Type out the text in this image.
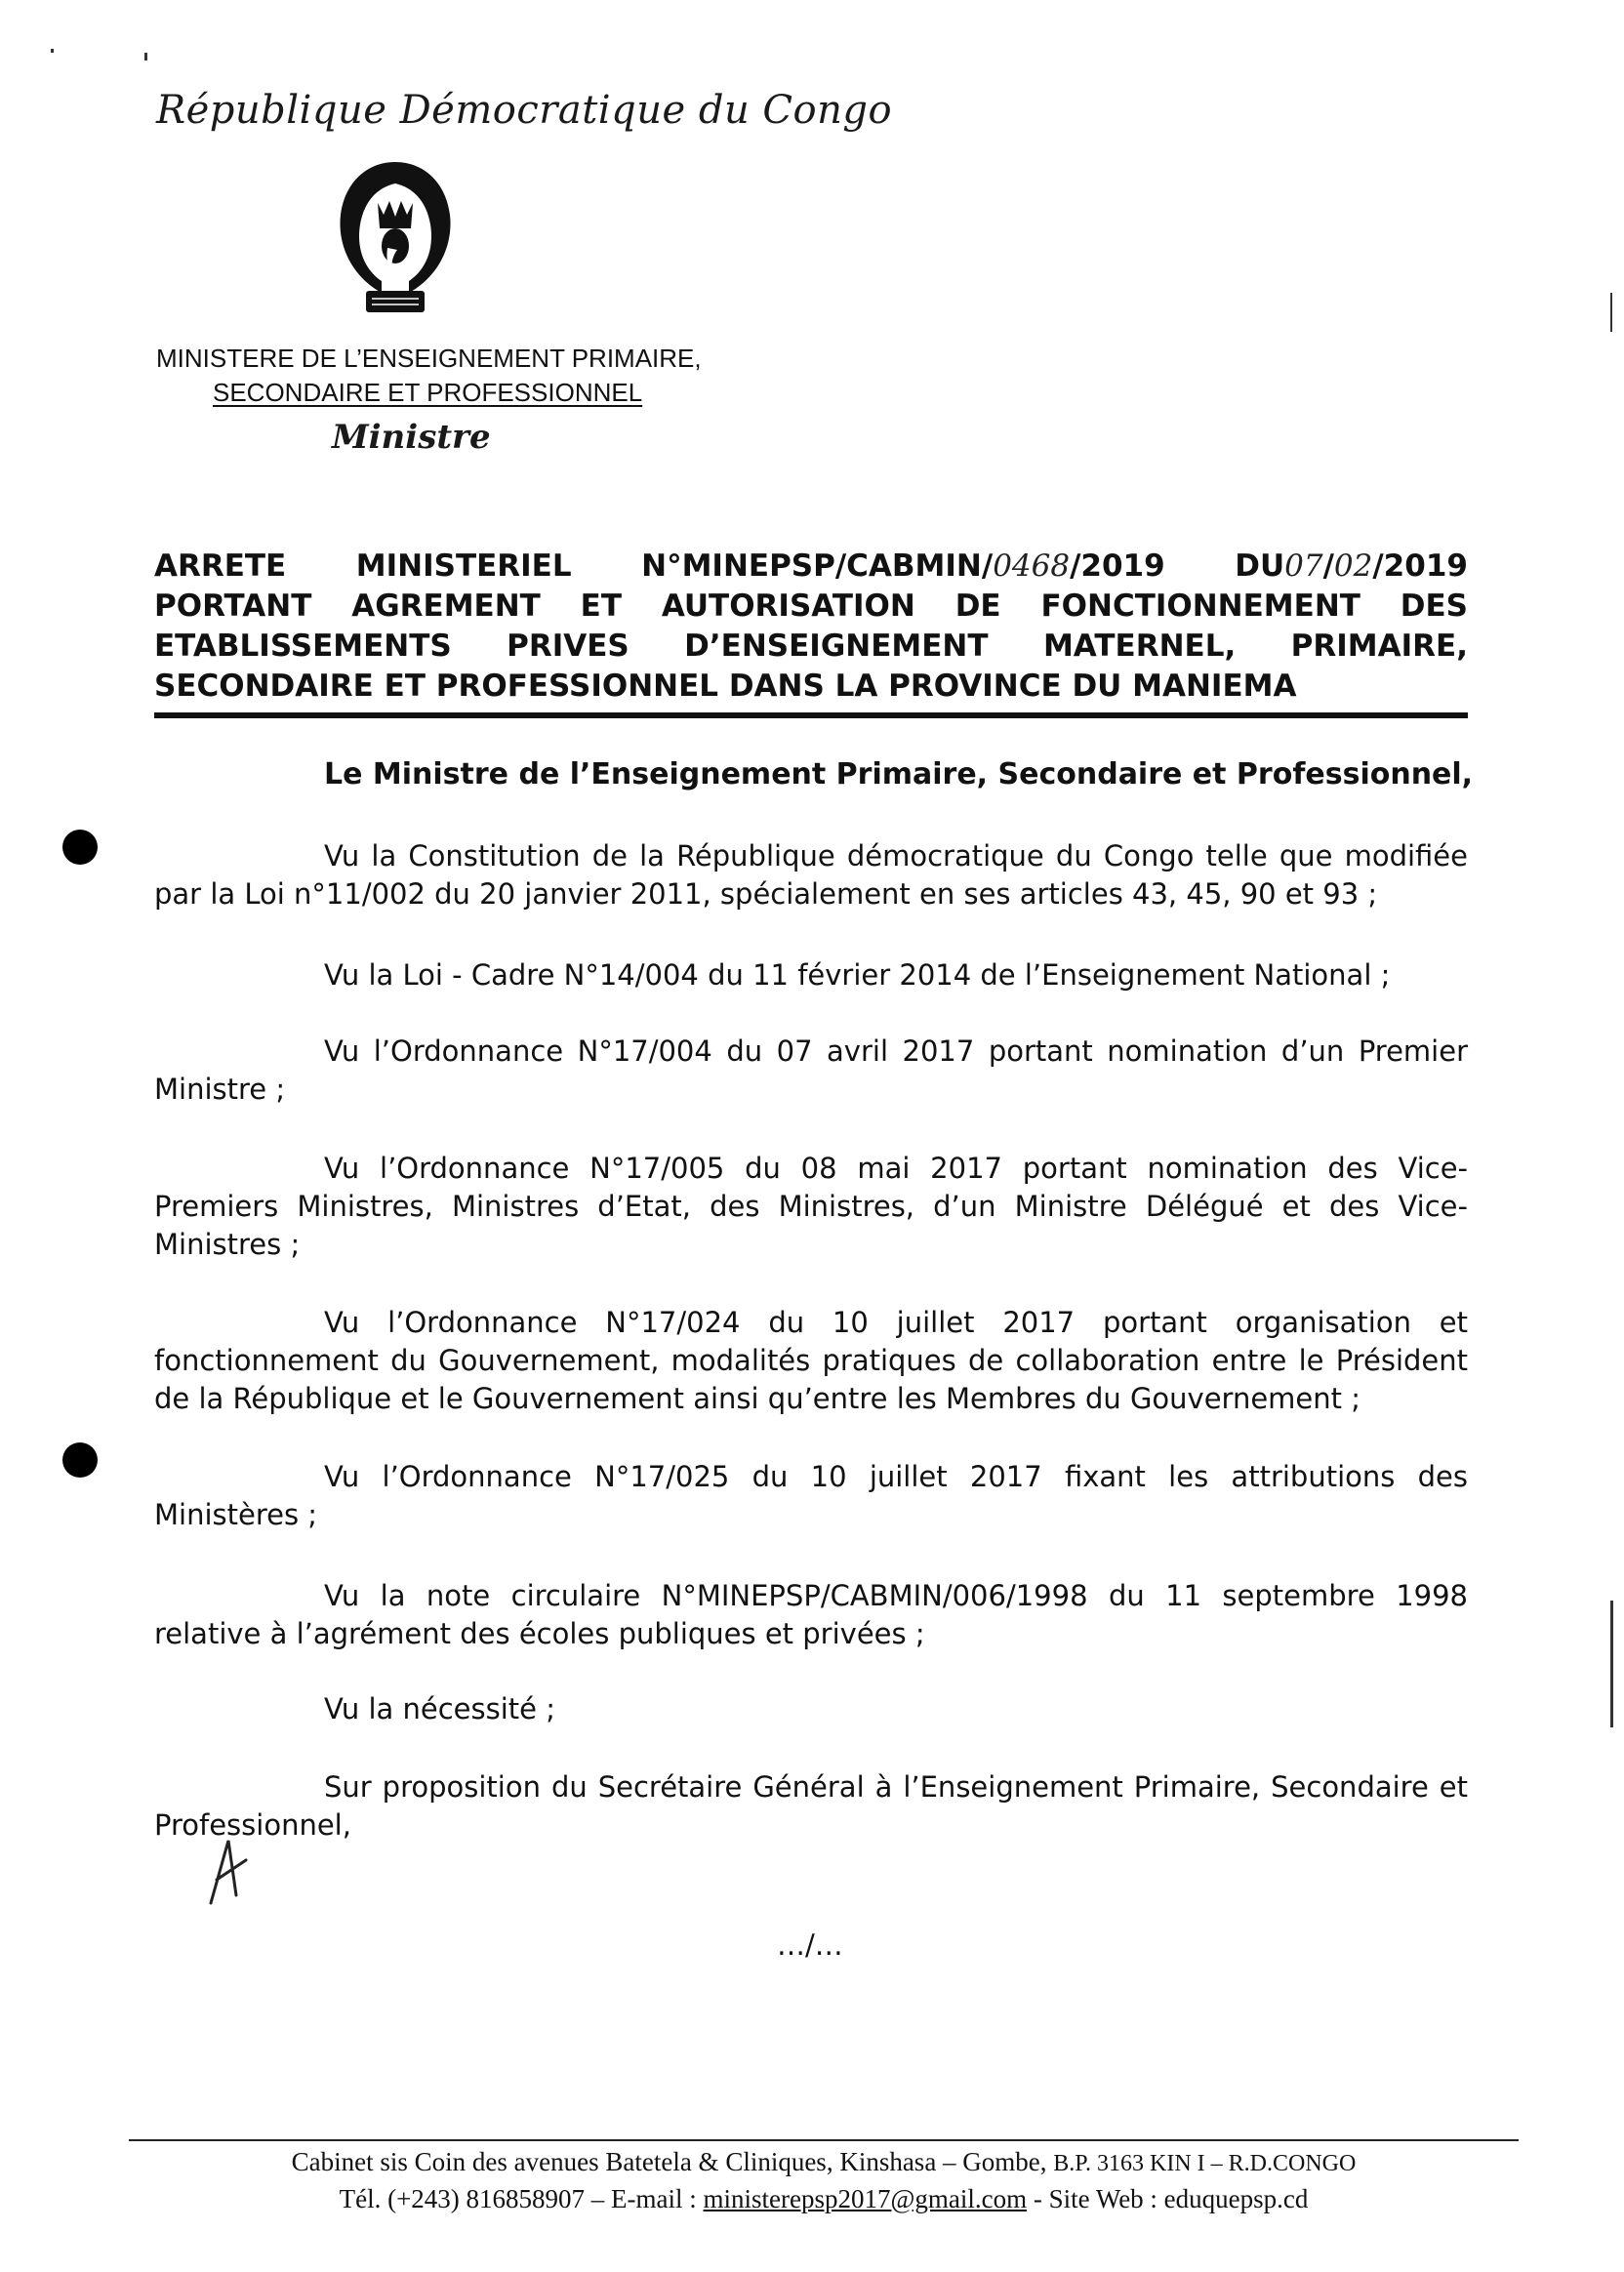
République Démocratique du Congo
MINISTERE DE L’ENSEIGNEMENT PRIMAIRE,
SECONDAIRE ET PROFESSIONNEL
Ministre
ARRETE MINISTERIEL N°MINEPSP/CABMIN/0468/2019 DU07/02/2019
PORTANT AGREMENT ET AUTORISATION DE FONCTIONNEMENT DES
ETABLISSEMENTS PRIVES D’ENSEIGNEMENT MATERNEL, PRIMAIRE,
SECONDAIRE ET PROFESSIONNEL DANS LA PROVINCE DU MANIEMA
Le Ministre de l’Enseignement Primaire, Secondaire et Professionnel,
Vu la Constitution de la République démocratique du Congo telle que modifiée par la Loi n°11/002 du 20 janvier 2011, spécialement en ses articles 43, 45, 90 et 93 ;
Vu la Loi - Cadre N°14/004 du 11 février 2014 de l’Enseignement National ;
Vu l’Ordonnance N°17/004 du 07 avril 2017 portant nomination d’un Premier Ministre ;
Vu l’Ordonnance N°17/005 du 08 mai 2017 portant nomination des Vice-Premiers Ministres, Ministres d’Etat, des Ministres, d’un Ministre Délégué et des Vice-Ministres ;
Vu l’Ordonnance N°17/024 du 10 juillet 2017 portant organisation et fonctionnement du Gouvernement, modalités pratiques de collaboration entre le Président de la République et le Gouvernement ainsi qu’entre les Membres du Gouvernement ;
Vu l’Ordonnance N°17/025 du 10 juillet 2017 fixant les attributions des Ministères ;
Vu la note circulaire N°MINEPSP/CABMIN/006/1998 du 11 septembre 1998 relative à l’agrément des écoles publiques et privées ;
Vu la nécessité ;
Sur proposition du Secrétaire Général à l’Enseignement Primaire, Secondaire et Professionnel,
…/…
Cabinet sis Coin des avenues Batetela & Cliniques, Kinshasa – Gombe, B.P. 3163 KIN I – R.D.CONGO
Tél. (+243) 816858907 – E-mail : ministerepsp2017@gmail.com - Site Web : eduquepsp.cd
